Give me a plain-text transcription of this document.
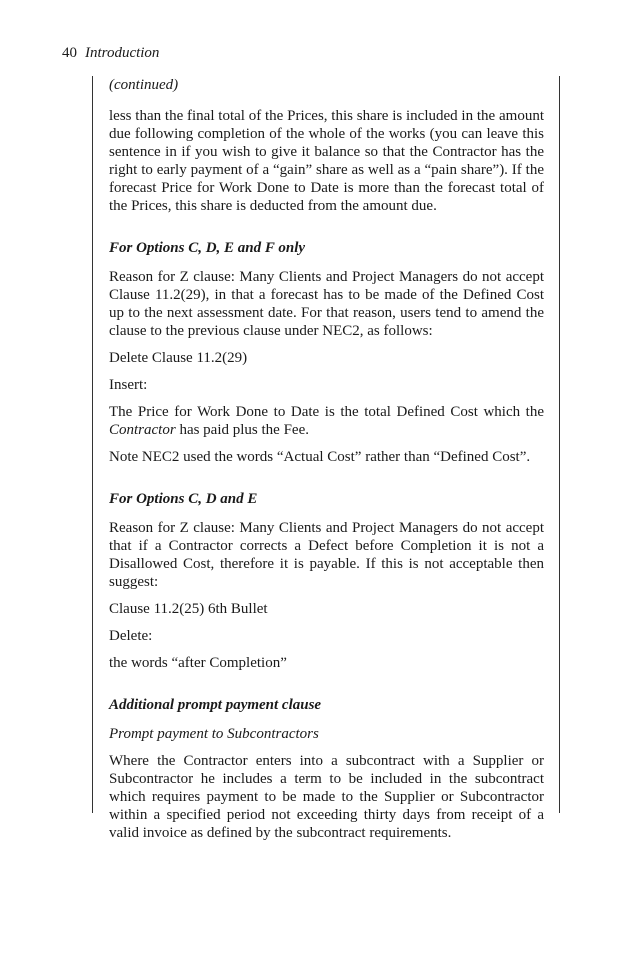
40 Introduction

(continued)

less than the final total of the Prices, this share is included in the amount due following completion of the whole of the works (you can leave this sentence in if you wish to give it balance so that the Contractor has the right to early payment of a “gain” share as well as a “pain share”). If the forecast Price for Work Done to Date is more than the forecast total of the Prices, this share is deducted from the amount due.

For Options C, D, E and F only

Reason for Z clause: Many Clients and Project Managers do not accept Clause 11.2(29), in that a forecast has to be made of the Defined Cost up to the next assessment date. For that reason, users tend to amend the clause to the previous clause under NEC2, as follows:

Delete Clause 11.2(29)

Insert:

The Price for Work Done to Date is the total Defined Cost which the Contractor has paid plus the Fee.

Note NEC2 used the words “Actual Cost” rather than “Defined Cost”.

For Options C, D and E

Reason for Z clause: Many Clients and Project Managers do not accept that if a Contractor corrects a Defect before Completion it is not a Disallowed Cost, therefore it is payable. If this is not acceptable then suggest:

Clause 11.2(25) 6th Bullet

Delete:

the words “after Completion”

Additional prompt payment clause

Prompt payment to Subcontractors

Where the Contractor enters into a subcontract with a Supplier or Subcontractor he includes a term to be included in the subcontract which requires payment to be made to the Supplier or Subcontractor within a specified period not exceeding thirty days from receipt of a valid invoice as defined by the subcontract requirements.
